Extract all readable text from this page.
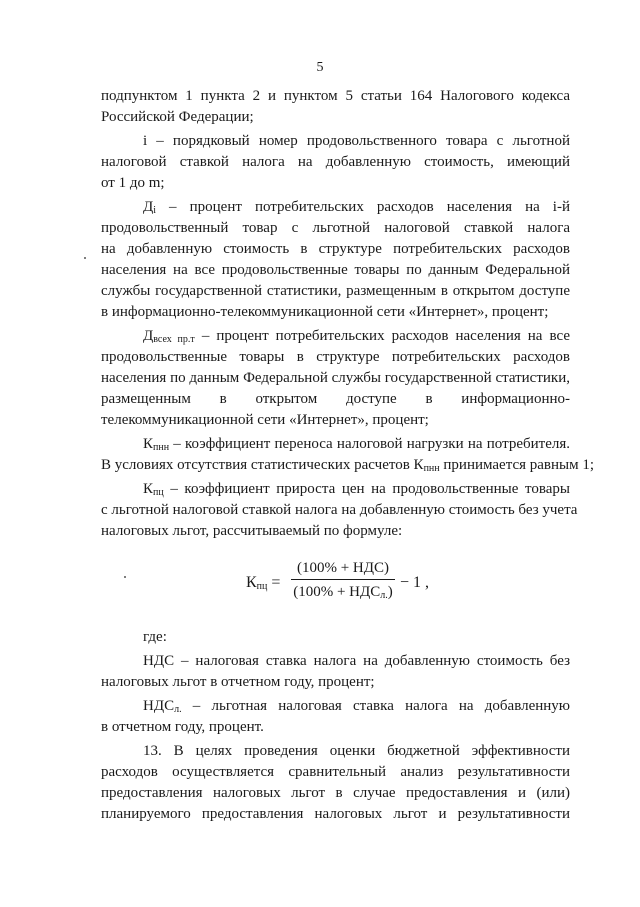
5
подпунктом 1 пункта 2 и пунктом 5 статьи 164 Налогового кодекса
Российской Федерации;
i – порядковый номер продовольственного товара с льготной
налоговой ставкой налога на добавленную стоимость, имеющий
от 1 до m;
$Д_i$ – процент потребительских расходов населения на i-й
продовольственный товар с льготной налоговой ставкой налога
на добавленную стоимость в структуре потребительских расходов
населения на все продовольственные товары по данным Федеральной
службы государственной статистики, размещенным в открытом доступе
в информационно-телекоммуникационной сети «Интернет», процент;
$Д_{всех пр.т}$ – процент потребительских расходов населения на все
продовольственные товары в структуре потребительских расходов
населения по данным Федеральной службы государственной статистики,
размещенным в открытом доступе в информационно-
телекоммуникационной сети «Интернет», процент;
$К_{пнн}$ – коэффициент переноса налоговой нагрузки на потребителя.
В условиях отсутствия статистических расчетов $К_{пнн}$ принимается равным 1;
$К_{пц}$ – коэффициент прироста цен на продовольственные товары
с льготной налоговой ставкой налога на добавленную стоимость без учета
налоговых льгот, рассчитываемый по формуле:
$К_{пц}$ =
(100% + НДС)
$(100\% + НДС_{л.})$
− 1 ,
где:
НДС – налоговая ставка налога на добавленную стоимость без
налоговых льгот в отчетном году, процент;
$НДС_{л.}$ – льготная налоговая ставка налога на добавленную
в отчетном году, процент.
13. В целях проведения оценки бюджетной эффективности
расходов осуществляется сравнительный анализ результативности
предоставления налоговых льгот в случае предоставления и (или)
планируемого предоставления налоговых льгот и результативности
